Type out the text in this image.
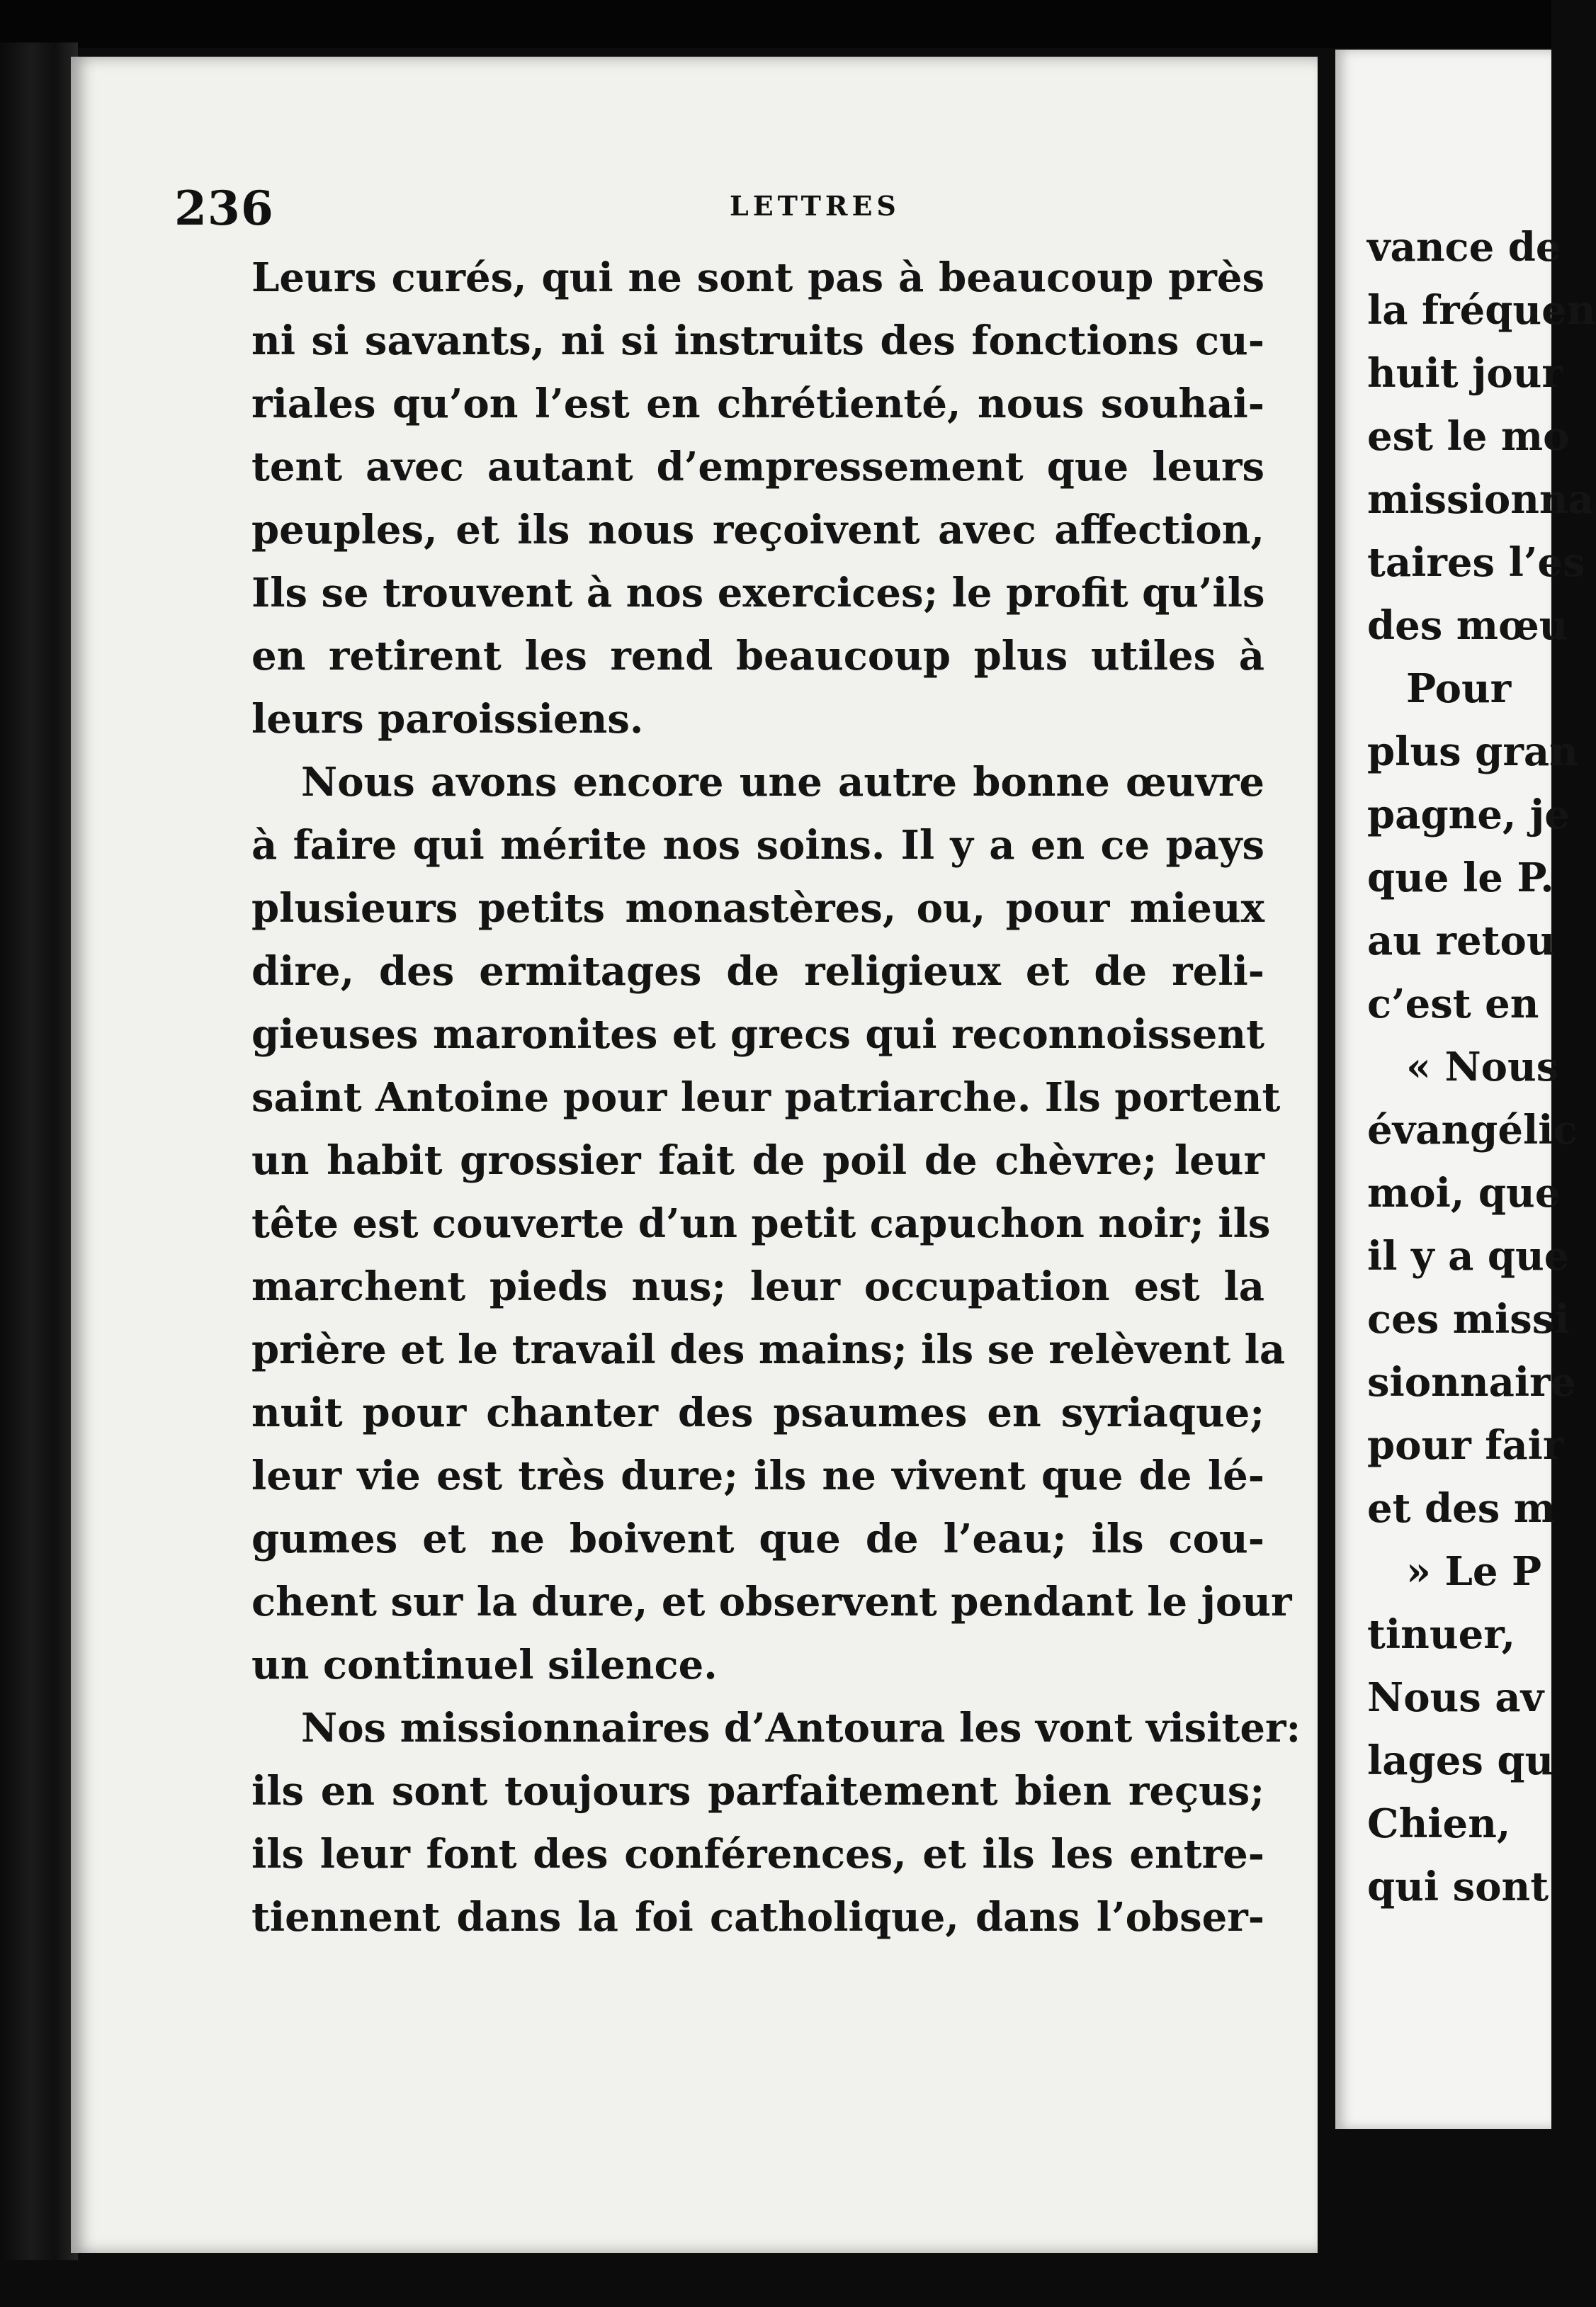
236	LETTRES
Leurs curés, qui ne sont pas à beaucoup près
ni si savants, ni si instruits des fonctions cu-
riales qu’on l’est en chrétienté, nous souhai-
tent avec autant d’empressement que leurs
peuples, et ils nous reçoivent avec affection,
Ils se trouvent à nos exercices; le profit qu’ils
en retirent les rend beaucoup plus utiles à
leurs paroissiens.
Nous avons encore une autre bonne œuvre
à faire qui mérite nos soins. Il y a en ce pays
plusieurs petits monastères, ou, pour mieux
dire, des ermitages de religieux et de reli-
gieuses maronites et grecs qui reconnoissent
saint Antoine pour leur patriarche. Ils portent
un habit grossier fait de poil de chèvre; leur
tête est couverte d’un petit capuchon noir; ils
marchent pieds nus; leur occupation est la
prière et le travail des mains; ils se relèvent la
nuit pour chanter des psaumes en syriaque;
leur vie est très dure; ils ne vivent que de lé-
gumes et ne boivent que de l’eau; ils cou-
chent sur la dure, et observent pendant le jour
un continuel silence.
Nos missionnaires d’Antoura les vont visiter:
ils en sont toujours parfaitement bien reçus;
ils leur font des conférences, et ils les entre-
tiennent dans la foi catholique, dans l’obser-
vance de
la fréquen
huit jour
est le mo
missionna
taires l’es
des mœu
Pour
plus gran
pagne, je
que le P.
au retou
c’est en
« Nous
évangélic
moi, que
il y a que
ces missi
sionnaire
pour fair
et des m
» Le P
tinuer,
Nous av
lages qu
Chien,
qui sont
